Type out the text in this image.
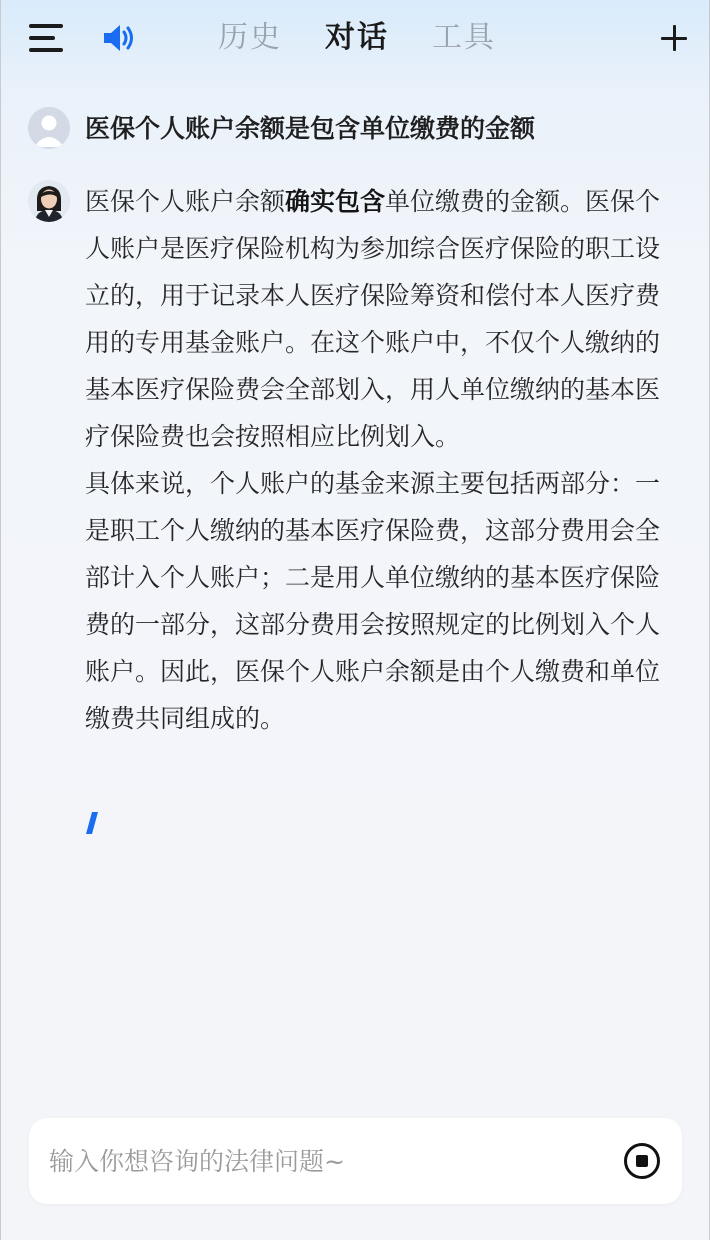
历史 对话 工具
医保个人账户余额是包含单位缴费的金额

医保个人账户余额确实包含单位缴费的金额。医保个人账户是医疗保险机构为参加综合医疗保险的职工设立的，用于记录本人医疗保险筹资和偿付本人医疗费用的专用基金账户。在这个账户中，不仅个人缴纳的基本医疗保险费会全部划入，用人单位缴纳的基本医疗保险费也会按照相应比例划入。

具体来说，个人账户的基金来源主要包括两部分：一是职工个人缴纳的基本医疗保险费，这部分费用会全部计入个人账户；二是用人单位缴纳的基本医疗保险费的一部分，这部分费用会按照规定的比例划入个人账户。因此，医保个人账户余额是由个人缴费和单位缴费共同组成的。

输入你想咨询的法律问题~
